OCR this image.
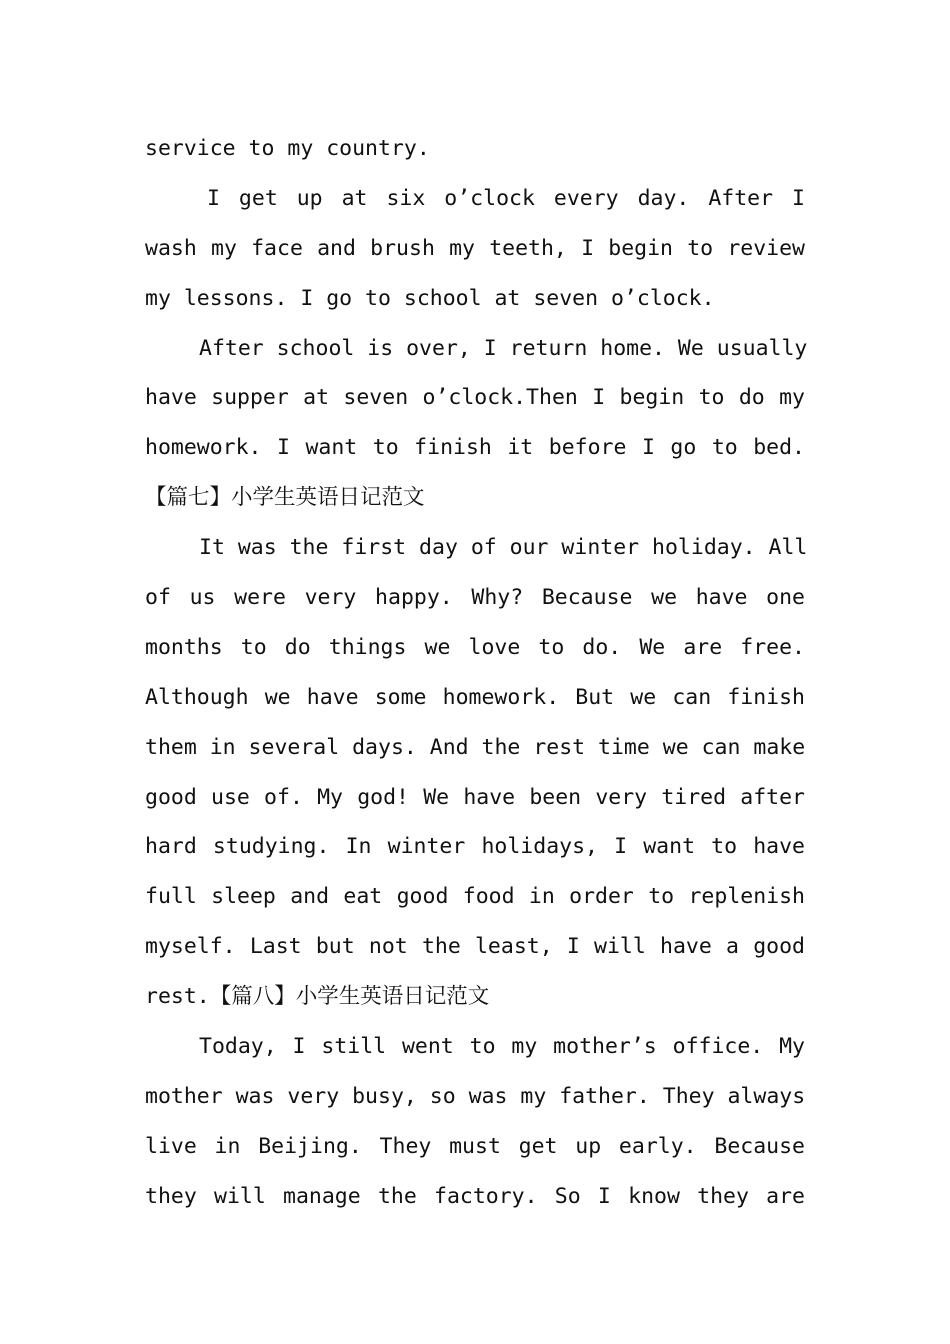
service to my country.
I get up at six o’clock every day. After I
wash my face and brush my teeth, I begin to review
my lessons. I go to school at seven o’clock.
After school is over, I return home. We usually
have supper at seven o’clock.Then I begin to do my
homework. I want to finish it before I go to bed.
【篇七】小学生英语日记范文
It was the first day of our winter holiday. All
of us were very happy. Why? Because we have one
months to do things we love to do. We are free.
Although we have some homework. But we can finish
them in several days. And the rest time we can make
good use of. My god! We have been very tired after
hard studying. In winter holidays, I want to have
full sleep and eat good food in order to replenish
myself. Last but not the least, I will have a good
rest.【篇八】小学生英语日记范文
Today, I still went to my mother’s office. My
mother was very busy, so was my father. They always
live in Beijing. They must get up early. Because
they will manage the factory. So I know they are
